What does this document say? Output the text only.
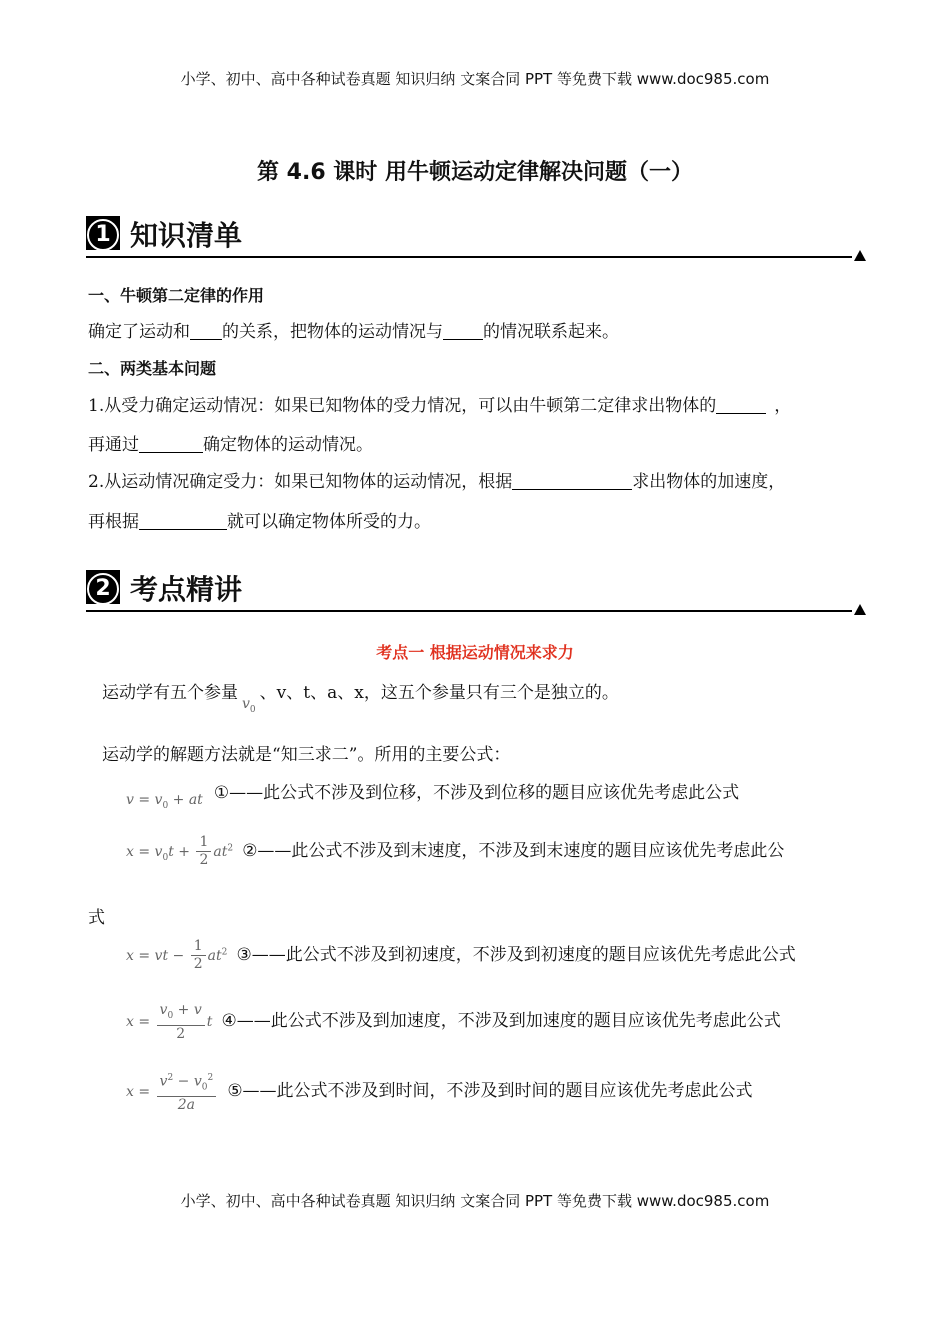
小学、初中、高中各种试卷真题 知识归纳 文案合同 PPT 等免费下载 www.doc985.com
第 4.6 课时 用牛顿运动定律解决问题（一）
1 知识清单
一、牛顿第二定律的作用
确定了运动和 的关系，把物体的运动情况与 的情况联系起来。
二、两类基本问题
1.从受力确定运动情况：如果已知物体的受力情况，可以由牛顿第二定律求出物体的	，
再通过	确定物体的运动情况。
2.从运动情况确定受力：如果已知物体的运动情况，根据	求出物体的加速度，
再根据	就可以确定物体所受的力。
2 考点精讲
考点一 根据运动情况来求力
运动学有五个参量$_{v_0}$、v、t、a、x，这五个参量只有三个是独立的。
运动学的解题方法就是“知三求二”。所用的主要公式：
$v = v_0$ + at ①——此公式不涉及到位移，不涉及到位移的题目应该优先考虑此公式
$x = v_0t + \frac{1}{2} at^2$ ②——此公式不涉及到末速度，不涉及到末速度的题目应该优先考虑此公
式
x = vt − $\frac{1}{2} at^2$ ③——此公式不涉及到初速度，不涉及到初速度的题目应该优先考虑此公式
$x = \frac{v_0 + v}{2}$ t ④——此公式不涉及到加速度，不涉及到加速度的题目应该优先考虑此公式
$x = \frac{v^2 - v_0^2}{2a}$ ⑤——此公式不涉及到时间，不涉及到时间的题目应该优先考虑此公式
小学、初中、高中各种试卷真题 知识归纳 文案合同 PPT 等免费下载 www.doc985.com
